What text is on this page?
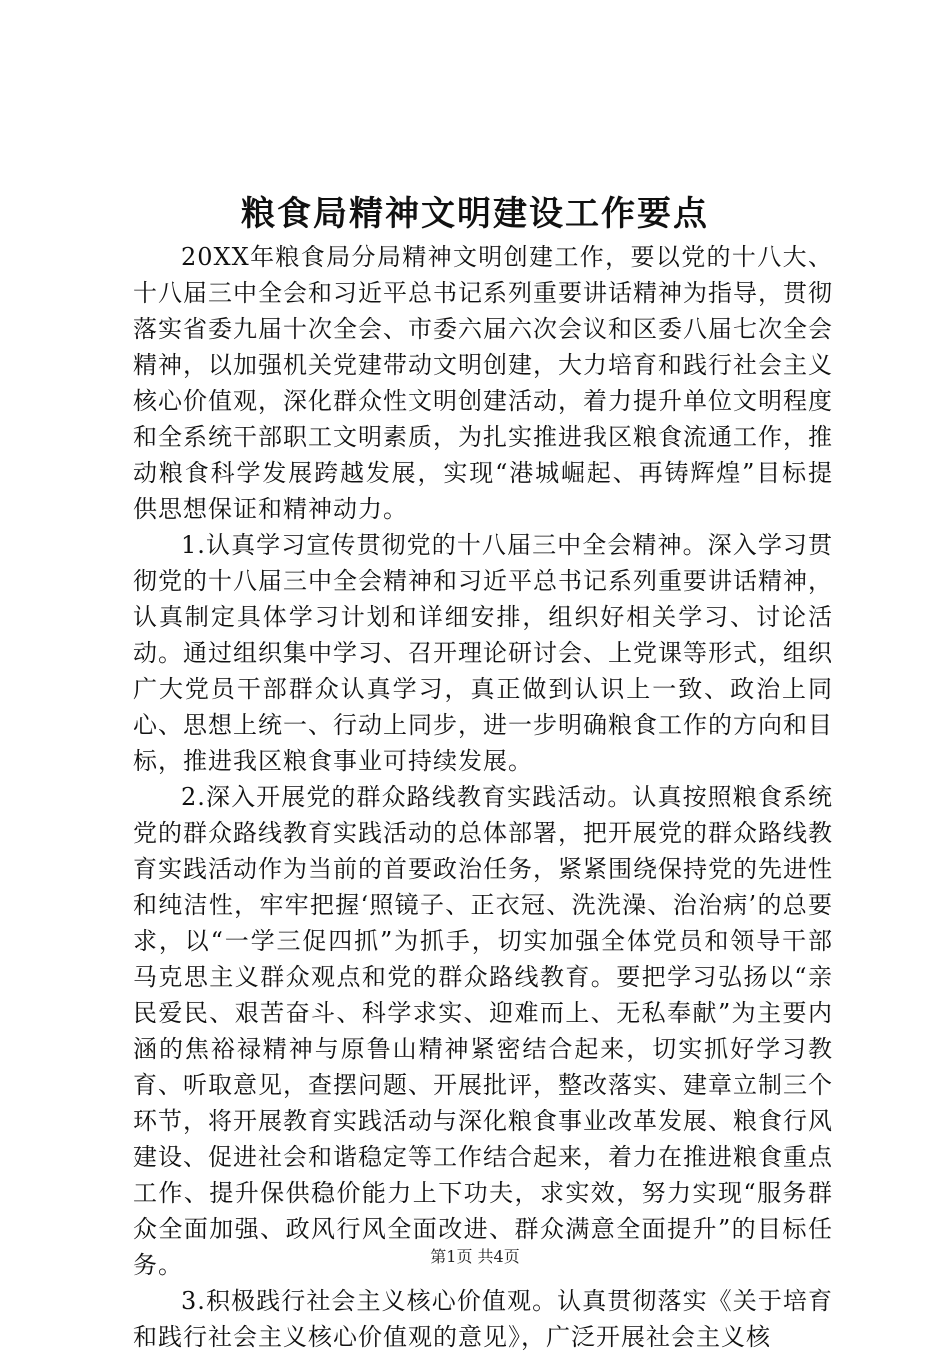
粮食局精神文明建设工作要点

20XX年粮食局分局精神文明创建工作，要以党的十八大、十八届三中全会和习近平总书记系列重要讲话精神为指导，贯彻落实省委九届十次全会、市委六届六次会议和区委八届七次全会精神，以加强机关党建带动文明创建，大力培育和践行社会主义核心价值观，深化群众性文明创建活动，着力提升单位文明程度和全系统干部职工文明素质，为扎实推进我区粮食流通工作，推动粮食科学发展跨越发展，实现“港城崛起、再铸辉煌”目标提供思想保证和精神动力。

1.认真学习宣传贯彻党的十八届三中全会精神。深入学习贯彻党的十八届三中全会精神和习近平总书记系列重要讲话精神，认真制定具体学习计划和详细安排，组织好相关学习、讨论活动。通过组织集中学习、召开理论研讨会、上党课等形式，组织广大党员干部群众认真学习，真正做到认识上一致、政治上同心、思想上统一、行动上同步，进一步明确粮食工作的方向和目标，推进我区粮食事业可持续发展。

2.深入开展党的群众路线教育实践活动。认真按照粮食系统党的群众路线教育实践活动的总体部署，把开展党的群众路线教育实践活动作为当前的首要政治任务，紧紧围绕保持党的先进性和纯洁性，牢牢把握‘照镜子、正衣冠、洗洗澡、治治病’的总要求，以“一学三促四抓”为抓手，切实加强全体党员和领导干部马克思主义群众观点和党的群众路线教育。要把学习弘扬以“亲民爱民、艰苦奋斗、科学求实、迎难而上、无私奉献”为主要内涵的焦裕禄精神与原鲁山精神紧密结合起来，切实抓好学习教育、听取意见，查摆问题、开展批评，整改落实、建章立制三个环节，将开展教育实践活动与深化粮食事业改革发展、粮食行风建设、促进社会和谐稳定等工作结合起来，着力在推进粮食重点工作、提升保供稳价能力上下功夫，求实效，努力实现“服务群众全面加强、政风行风全面改进、群众满意全面提升”的目标任务。

3.积极践行社会主义核心价值观。认真贯彻落实《关于培育和践行社会主义核心价值观的意见》，广泛开展社会主义核

第1页 共4页
